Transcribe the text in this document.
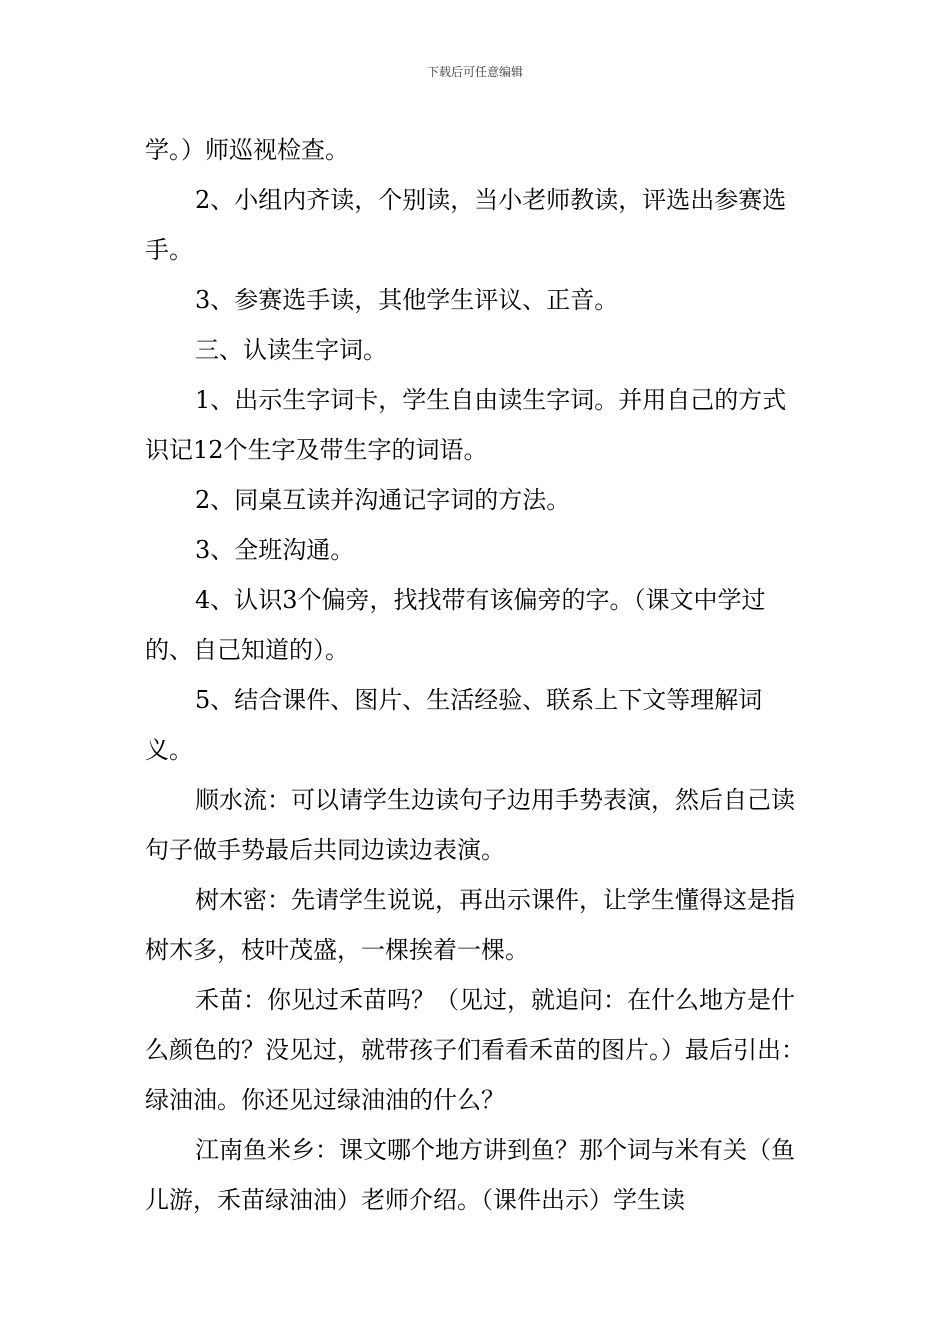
下载后可任意编辑

学。）师巡视检查。

2、小组内齐读，个别读，当小老师教读，评选出参赛选手。

3、参赛选手读，其他学生评议、正音。

三、认读生字词。

1、出示生字词卡，学生自由读生字词。并用自己的方式识记12个生字及带生字的词语。

2、同桌互读并沟通记字词的方法。

3、全班沟通。

4、认识3个偏旁，找找带有该偏旁的字。（课文中学过的、自己知道的）。

5、结合课件、图片、生活经验、联系上下文等理解词义。

顺水流：可以请学生边读句子边用手势表演，然后自己读句子做手势最后共同边读边表演。

树木密：先请学生说说，再出示课件，让学生懂得这是指树木多，枝叶茂盛，一棵挨着一棵。

禾苗：你见过禾苗吗？（见过，就追问：在什么地方是什么颜色的？没见过，就带孩子们看看禾苗的图片。）最后引出：绿油油。你还见过绿油油的什么？

江南鱼米乡：课文哪个地方讲到鱼？那个词与米有关（鱼儿游，禾苗绿油油）老师介绍。（课件出示）学生读
